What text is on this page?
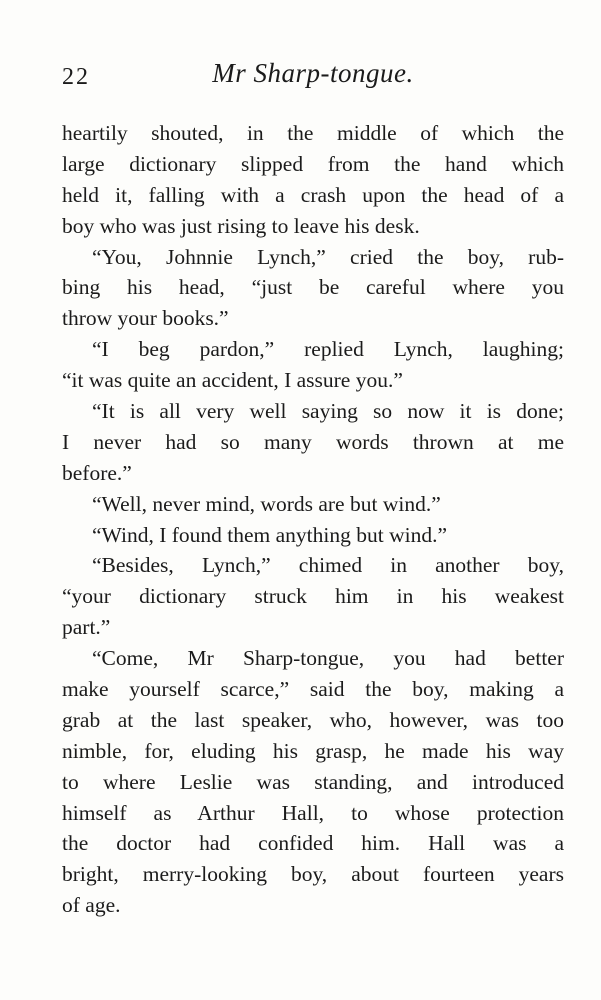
22	Mr Sharp-tongue.
heartily shouted, in the middle of which the
large dictionary slipped from the hand which
held it, falling with a crash upon the head of a
boy who was just rising to leave his desk.
“You, Johnnie Lynch,” cried the boy, rub-
bing his head, “just be careful where you
throw your books.”
“I beg pardon,” replied Lynch, laughing;
“it was quite an accident, I assure you.”
“It is all very well saying so now it is done;
I never had so many words thrown at me
before.”
“Well, never mind, words are but wind.”
“Wind, I found them anything but wind.”
“Besides, Lynch,” chimed in another boy,
“your dictionary struck him in his weakest
part.”
“Come, Mr Sharp-tongue, you had better
make yourself scarce,” said the boy, making a
grab at the last speaker, who, however, was too
nimble, for, eluding his grasp, he made his way
to where Leslie was standing, and introduced
himself as Arthur Hall, to whose protection
the doctor had confided him. Hall was a
bright, merry-looking boy, about fourteen years
of age.
